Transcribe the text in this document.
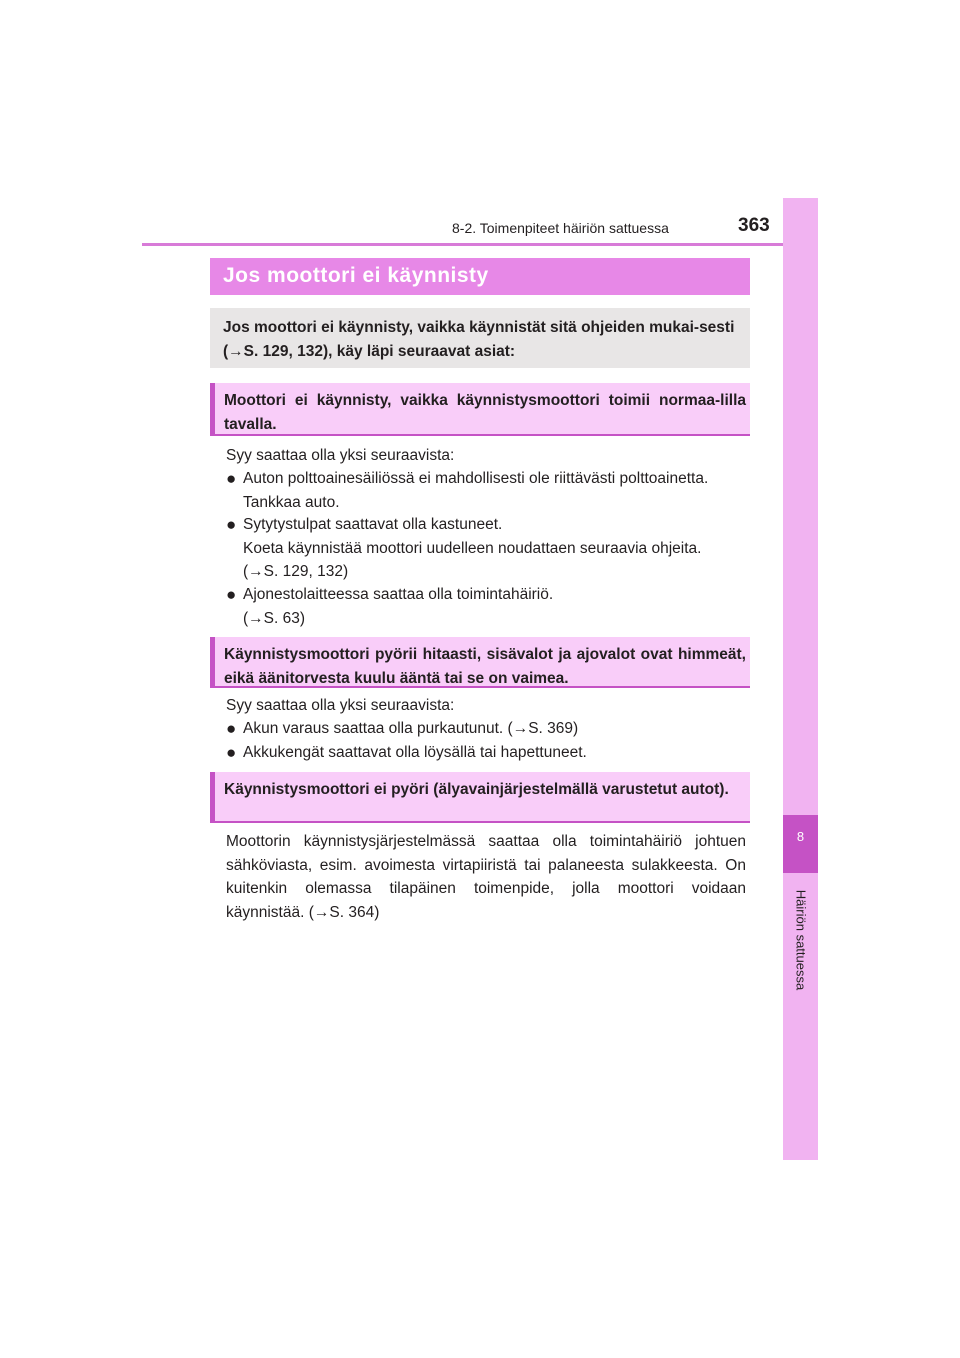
8-2. Toimenpiteet häiriön sattuessa	363
8
Häiriön sattuessa
Jos moottori ei käynnisty
Jos moottori ei käynnisty, vaikka käynnistät sitä ohjeiden mukai-sesti (→S. 129, 132), käy läpi seuraavat asiat:
Moottori ei käynnisty, vaikka käynnistysmoottori toimii normaa-lilla tavalla.
Syy saattaa olla yksi seuraavista:
● Auton polttoainesäiliössä ei mahdollisesti ole riittävästi polttoainetta.
Tankkaa auto.
● Sytytystulpat saattavat olla kastuneet.
Koeta käynnistää moottori uudelleen noudattaen seuraavia ohjeita.
(→S. 129, 132)
● Ajonestolaitteessa saattaa olla toimintahäiriö.
(→S. 63)
Käynnistysmoottori pyörii hitaasti, sisävalot ja ajovalot ovat himmeät, eikä äänitorvesta kuulu ääntä tai se on vaimea.
Syy saattaa olla yksi seuraavista:
● Akun varaus saattaa olla purkautunut. (→S. 369)
● Akkukengät saattavat olla löysällä tai hapettuneet.
Käynnistysmoottori ei pyöri (älyavainjärjestelmällä varustetut autot).
Moottorin käynnistysjärjestelmässä saattaa olla toimintahäiriö johtuen sähköviasta, esim. avoimesta virtapiiristä tai palaneesta sulakkeesta. On kuitenkin olemassa tilapäinen toimenpide, jolla moottori voidaan käynnistää. (→S. 364)
